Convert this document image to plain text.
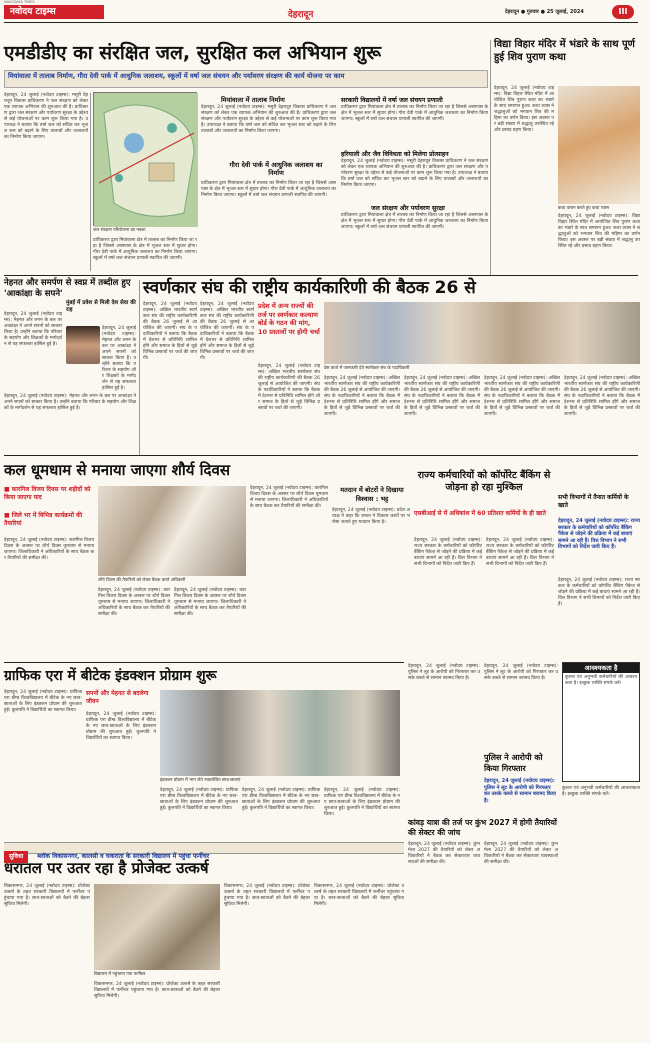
नवोदय टाइम्स
NAVODAYA TIMES
देहरादून	देहरादून ● गुरुवार ● 25 जुलाई, 2024	III
एमडीडीए का संरक्षित जल, सुरक्षित कल अभियान शुरू
मियांवाला में तालाब निर्माण, गौरा देवी पार्क में आधुनिक जलाशय, स्कूलों में वर्षा जल संचयन और पर्यावरण संरक्षण की कार्य योजना पर काम
देहरादून, 24 जुलाई (नवोदय टाइम्स): मसूरी देहरादून विकास प्राधिकरण ने जल संरक्षण को लेकर एक व्यापक अभियान की शुरुआत की है। प्राधिकरण द्वारा जल संरक्षण और पर्यावरण सुरक्षा के उद्देश्य से कई योजनाओं पर काम शुरू किया गया है। उपाध्यक्ष ने बताया कि वर्षा जल को संचित कर भूजल स्तर को बढ़ाने के लिए तालाबों और जलाशयों का निर्माण किया जाएगा।
जल संरक्षण परियोजना का नक्शा
प्राधिकरण द्वारा मियांवाला क्षेत्र में तालाब का निर्माण किया जा रहा है जिससे आसपास के क्षेत्र में भूजल स्तर में सुधार होगा। गौरा देवी पार्क में आधुनिक जलाशय का निर्माण किया जाएगा। स्कूलों में वर्षा जल संचयन प्रणाली स्थापित की जाएगी।
मियांवाला में तालाब निर्माण
देहरादून, 24 जुलाई (नवोदय टाइम्स): मसूरी देहरादून विकास प्राधिकरण ने जल संरक्षण को लेकर एक व्यापक अभियान की शुरुआत की है। प्राधिकरण द्वारा जल संरक्षण और पर्यावरण सुरक्षा के उद्देश्य से कई योजनाओं पर काम शुरू किया गया है। उपाध्यक्ष ने बताया कि वर्षा जल को संचित कर भूजल स्तर को बढ़ाने के लिए तालाबों और जलाशयों का निर्माण किया जाएगा।
गौरा देवी पार्क में आधुनिक जलाशय का निर्माण
प्राधिकरण द्वारा मियांवाला क्षेत्र में तालाब का निर्माण किया जा रहा है जिससे आसपास के क्षेत्र में भूजल स्तर में सुधार होगा। गौरा देवी पार्क में आधुनिक जलाशय का निर्माण किया जाएगा। स्कूलों में वर्षा जल संचयन प्रणाली स्थापित की जाएगी।
सरकारी विद्यालयों में वर्षा जल संचयन प्रणाली
प्राधिकरण द्वारा मियांवाला क्षेत्र में तालाब का निर्माण किया जा रहा है जिससे आसपास के क्षेत्र में भूजल स्तर में सुधार होगा। गौरा देवी पार्क में आधुनिक जलाशय का निर्माण किया जाएगा। स्कूलों में वर्षा जल संचयन प्रणाली स्थापित की जाएगी।
हरियाली और जैव विविधता को मिलेगा प्रोत्साहन
देहरादून, 24 जुलाई (नवोदय टाइम्स): मसूरी देहरादून विकास प्राधिकरण ने जल संरक्षण को लेकर एक व्यापक अभियान की शुरुआत की है। प्राधिकरण द्वारा जल संरक्षण और पर्यावरण सुरक्षा के उद्देश्य से कई योजनाओं पर काम शुरू किया गया है। उपाध्यक्ष ने बताया कि वर्षा जल को संचित कर भूजल स्तर को बढ़ाने के लिए तालाबों और जलाशयों का निर्माण किया जाएगा।
जल संरक्षण और पर्यावरण सुरक्षा
प्राधिकरण द्वारा मियांवाला क्षेत्र में तालाब का निर्माण किया जा रहा है जिससे आसपास के क्षेत्र में भूजल स्तर में सुधार होगा। गौरा देवी पार्क में आधुनिक जलाशय का निर्माण किया जाएगा। स्कूलों में वर्षा जल संचयन प्रणाली स्थापित की जाएगी।
विद्या विहार मंदिर में भंडारे के साथ पूर्ण हुई शिव पुराण कथा
देहरादून, 24 जुलाई (नवोदय टाइम्स): विद्या विहार स्थित मंदिर में आयोजित शिव पुराण कथा का भंडारे के साथ समापन हुआ। कथा व्यास ने श्रद्धालुओं को भगवान शिव की महिमा का वर्णन किया। इस अवसर पर बड़ी संख्या में श्रद्धालु उपस्थित रहे और प्रसाद ग्रहण किया।
कथा वाचन करते हुए कथा व्यास
देहरादून, 24 जुलाई (नवोदय टाइम्स): विद्या विहार स्थित मंदिर में आयोजित शिव पुराण कथा का भंडारे के साथ समापन हुआ। कथा व्यास ने श्रद्धालुओं को भगवान शिव की महिमा का वर्णन किया। इस अवसर पर बड़ी संख्या में श्रद्धालु उपस्थित रहे और प्रसाद ग्रहण किया।
नेहनत और समर्पण से स्वप्न में तब्दील हुए 'आकांक्षा के सपने'
देहरादून, 24 जुलाई (नवोदय टाइम्स): मेहनत और लगन के बल पर आकांक्षा ने अपने सपनों को साकार किया है। उन्होंने बताया कि परिवार के सहयोग और शिक्षकों के मार्गदर्शन से यह सफलता हासिल हुई है।
मुंबई में प्रवेश से मिली देश सेवा की राह
देहरादून, 24 जुलाई (नवोदय टाइम्स): मेहनत और लगन के बल पर आकांक्षा ने अपने सपनों को साकार किया है। उन्होंने बताया कि परिवार के सहयोग और शिक्षकों के मार्गदर्शन से यह सफलता हासिल हुई है।
देहरादून, 24 जुलाई (नवोदय टाइम्स): मेहनत और लगन के बल पर आकांक्षा ने अपने सपनों को साकार किया है। उन्होंने बताया कि परिवार के सहयोग और शिक्षकों के मार्गदर्शन से यह सफलता हासिल हुई है।
स्वर्णकार संघ की राष्ट्रीय कार्यकारिणी की बैठक 26 से
देहरादून, 24 जुलाई (नवोदय टाइम्स): अखिल भारतीय स्वर्णकार संघ की राष्ट्रीय कार्यकारिणी की बैठक 26 जुलाई से आयोजित की जाएगी। संघ के पदाधिकारियों ने बताया कि बैठक में देशभर से प्रतिनिधि शामिल होंगे और समाज के हितों से जुड़े विभिन्न प्रस्तावों पर चर्चा की जाएगी।
देहरादून, 24 जुलाई (नवोदय टाइम्स): अखिल भारतीय स्वर्णकार संघ की राष्ट्रीय कार्यकारिणी की बैठक 26 जुलाई से आयोजित की जाएगी। संघ के पदाधिकारियों ने बताया कि बैठक में देशभर से प्रतिनिधि शामिल होंगे और समाज के हितों से जुड़े विभिन्न प्रस्तावों पर चर्चा की जाएगी।
प्रदेश में अन्य राज्यों की तर्ज पर स्वर्णकार कल्याण बोर्ड के गठन की मांग, 10 प्रस्तावों पर होगी चर्चा
देहरादून, 24 जुलाई (नवोदय टाइम्स): अखिल भारतीय स्वर्णकार संघ की राष्ट्रीय कार्यकारिणी की बैठक 26 जुलाई से आयोजित की जाएगी। संघ के पदाधिकारियों ने बताया कि बैठक में देशभर से प्रतिनिधि शामिल होंगे और समाज के हितों से जुड़े विभिन्न प्रस्तावों पर चर्चा की जाएगी।
प्रेस वार्ता में जानकारी देते स्वर्णकार संघ के पदाधिकारी
देहरादून, 24 जुलाई (नवोदय टाइम्स): अखिल भारतीय स्वर्णकार संघ की राष्ट्रीय कार्यकारिणी की बैठक 26 जुलाई से आयोजित की जाएगी। संघ के पदाधिकारियों ने बताया कि बैठक में देशभर से प्रतिनिधि शामिल होंगे और समाज के हितों से जुड़े विभिन्न प्रस्तावों पर चर्चा की जाएगी।
देहरादून, 24 जुलाई (नवोदय टाइम्स): अखिल भारतीय स्वर्णकार संघ की राष्ट्रीय कार्यकारिणी की बैठक 26 जुलाई से आयोजित की जाएगी। संघ के पदाधिकारियों ने बताया कि बैठक में देशभर से प्रतिनिधि शामिल होंगे और समाज के हितों से जुड़े विभिन्न प्रस्तावों पर चर्चा की जाएगी।
देहरादून, 24 जुलाई (नवोदय टाइम्स): अखिल भारतीय स्वर्णकार संघ की राष्ट्रीय कार्यकारिणी की बैठक 26 जुलाई से आयोजित की जाएगी। संघ के पदाधिकारियों ने बताया कि बैठक में देशभर से प्रतिनिधि शामिल होंगे और समाज के हितों से जुड़े विभिन्न प्रस्तावों पर चर्चा की जाएगी।
देहरादून, 24 जुलाई (नवोदय टाइम्स): अखिल भारतीय स्वर्णकार संघ की राष्ट्रीय कार्यकारिणी की बैठक 26 जुलाई से आयोजित की जाएगी। संघ के पदाधिकारियों ने बताया कि बैठक में देशभर से प्रतिनिधि शामिल होंगे और समाज के हितों से जुड़े विभिन्न प्रस्तावों पर चर्चा की जाएगी।
कल धूमधाम से मनाया जाएगा शौर्य दिवस
■ कारगिल विजय दिवस पर शहीदों को किया जाएगा याद
■ जिले भर में विभिन्न कार्यक्रमों की तैयारियां
देहरादून, 24 जुलाई (नवोदय टाइम्स): कारगिल विजय दिवस के अवसर पर शौर्य दिवस धूमधाम से मनाया जाएगा। जिलाधिकारी ने अधिकारियों के साथ बैठक कर तैयारियों की समीक्षा की।
शौर्य दिवस की तैयारियों को लेकर बैठक करते अधिकारी
देहरादून, 24 जुलाई (नवोदय टाइम्स): कारगिल विजय दिवस के अवसर पर शौर्य दिवस धूमधाम से मनाया जाएगा। जिलाधिकारी ने अधिकारियों के साथ बैठक कर तैयारियों की समीक्षा की।
देहरादून, 24 जुलाई (नवोदय टाइम्स): कारगिल विजय दिवस के अवसर पर शौर्य दिवस धूमधाम से मनाया जाएगा। जिलाधिकारी ने अधिकारियों के साथ बैठक कर तैयारियों की समीक्षा की।
देहरादून, 24 जुलाई (नवोदय टाइम्स): कारगिल विजय दिवस के अवसर पर शौर्य दिवस धूमधाम से मनाया जाएगा। जिलाधिकारी ने अधिकारियों के साथ बैठक कर तैयारियों की समीक्षा की।
मतदान में बोटरों ने दिखाया विश्वास : भट्ट
देहरादून, 24 जुलाई (नवोदय टाइम्स): प्रदेश अध्यक्ष ने कहा कि जनता ने विकास कार्यों पर भरोसा जताते हुए मतदान किया है।
राज्य कर्मचारियों को कॉर्पोरेट बैंकिंग से जोड़ना हो रहा मुश्किल
एसबीआई से में अधिकांश में 60 प्रतिशत कर्मियों के ही खाते
देहरादून, 24 जुलाई (नवोदय टाइम्स): राज्य सरकार के कर्मचारियों को कॉर्पोरेट बैंकिंग पैकेज से जोड़ने की प्रक्रिया में कई बाधाएं सामने आ रही हैं। वित्त विभाग ने सभी विभागों को निर्देश जारी किए हैं।
देहरादून, 24 जुलाई (नवोदय टाइम्स): राज्य सरकार के कर्मचारियों को कॉर्पोरेट बैंकिंग पैकेज से जोड़ने की प्रक्रिया में कई बाधाएं सामने आ रही हैं। वित्त विभाग ने सभी विभागों को निर्देश जारी किए हैं।
सभी विभागों में तैनात कर्मियों के खाते
देहरादून, 24 जुलाई (नवोदय टाइम्स): राज्य सरकार के कर्मचारियों को कॉर्पोरेट बैंकिंग पैकेज से जोड़ने की प्रक्रिया में कई बाधाएं सामने आ रही हैं। वित्त विभाग ने सभी विभागों को निर्देश जारी किए हैं।
देहरादून, 24 जुलाई (नवोदय टाइम्स): राज्य सरकार के कर्मचारियों को कॉर्पोरेट बैंकिंग पैकेज से जोड़ने की प्रक्रिया में कई बाधाएं सामने आ रही हैं। वित्त विभाग ने सभी विभागों को निर्देश जारी किए हैं।
ग्राफिक एरा में बीटेक इंडक्शन प्रोग्राम शुरू
देहरादून, 24 जुलाई (नवोदय टाइम्स): ग्राफिक एरा डीम्ड विश्वविद्यालय में बीटेक के नए छात्र-छात्राओं के लिए इंडक्शन प्रोग्राम की शुरुआत हुई। कुलपति ने विद्यार्थियों का स्वागत किया।
सपनों और मेहनत से बदलेगा जीवन
देहरादून, 24 जुलाई (नवोदय टाइम्स): ग्राफिक एरा डीम्ड विश्वविद्यालय में बीटेक के नए छात्र-छात्राओं के लिए इंडक्शन प्रोग्राम की शुरुआत हुई। कुलपति ने विद्यार्थियों का स्वागत किया।
इंडक्शन प्रोग्राम में भाग लेते नवप्रवेशित छात्र-छात्राएं
देहरादून, 24 जुलाई (नवोदय टाइम्स): ग्राफिक एरा डीम्ड विश्वविद्यालय में बीटेक के नए छात्र-छात्राओं के लिए इंडक्शन प्रोग्राम की शुरुआत हुई। कुलपति ने विद्यार्थियों का स्वागत किया।
देहरादून, 24 जुलाई (नवोदय टाइम्स): ग्राफिक एरा डीम्ड विश्वविद्यालय में बीटेक के नए छात्र-छात्राओं के लिए इंडक्शन प्रोग्राम की शुरुआत हुई। कुलपति ने विद्यार्थियों का स्वागत किया।
देहरादून, 24 जुलाई (नवोदय टाइम्स): ग्राफिक एरा डीम्ड विश्वविद्यालय में बीटेक के नए छात्र-छात्राओं के लिए इंडक्शन प्रोग्राम की शुरुआत हुई। कुलपति ने विद्यार्थियों का स्वागत किया।
देहरादून, 24 जुलाई (नवोदय टाइम्स): पुलिस ने लूट के आरोपी को गिरफ्तार कर उसके कब्जे से सामान बरामद किया है।
पुलिस ने आरोपी को किया गिरफ्तार
देहरादून, 24 जुलाई (नवोदय टाइम्स): पुलिस ने लूट के आरोपी को गिरफ्तार कर उसके कब्जे से सामान बरामद किया है।
देहरादून, 24 जुलाई (नवोदय टाइम्स): पुलिस ने लूट के आरोपी को गिरफ्तार कर उसके कब्जे से सामान बरामद किया है।
कांवड़ यात्रा की तर्ज पर कुंभ 2027 में होगी तैयारियों की सेक्टर की जांच
देहरादून, 24 जुलाई (नवोदय टाइम्स): कुंभ मेला 2027 की तैयारियों को लेकर अधिकारियों ने बैठक कर सेक्टरवार व्यवस्थाओं की समीक्षा की।
देहरादून, 24 जुलाई (नवोदय टाइम्स): कुंभ मेला 2027 की तैयारियों को लेकर अधिकारियों ने बैठक कर सेक्टरवार व्यवस्थाओं की समीक्षा की।
आवश्यकता है
कुशल एवं अनुभवी कर्मचारियों की आवश्यकता है। इच्छुक व्यक्ति संपर्क करें।
कुशल एवं अनुभवी कर्मचारियों की आवश्यकता है। इच्छुक व्यक्ति संपर्क करें।
सुविधा ब्लॉक विकासनगर, कालसी व चकराता के सरकारी विद्यालय में पहुंचा फर्नीचर
धरातल पर उतर रहा है प्रोजेक्ट उत्कर्ष
विकासनगर, 24 जुलाई (नवोदय टाइम्स): प्रोजेक्ट उत्कर्ष के तहत सरकारी विद्यालयों में फर्नीचर पहुंचाया गया है। छात्र-छात्राओं को बैठने की बेहतर सुविधा मिलेगी।
विद्यालय में पहुंचाया गया फर्नीचर
विकासनगर, 24 जुलाई (नवोदय टाइम्स): प्रोजेक्ट उत्कर्ष के तहत सरकारी विद्यालयों में फर्नीचर पहुंचाया गया है। छात्र-छात्राओं को बैठने की बेहतर सुविधा मिलेगी।
विकासनगर, 24 जुलाई (नवोदय टाइम्स): प्रोजेक्ट उत्कर्ष के तहत सरकारी विद्यालयों में फर्नीचर पहुंचाया गया है। छात्र-छात्राओं को बैठने की बेहतर सुविधा मिलेगी।
विकासनगर, 24 जुलाई (नवोदय टाइम्स): प्रोजेक्ट उत्कर्ष के तहत सरकारी विद्यालयों में फर्नीचर पहुंचाया गया है। छात्र-छात्राओं को बैठने की बेहतर सुविधा मिलेगी।
